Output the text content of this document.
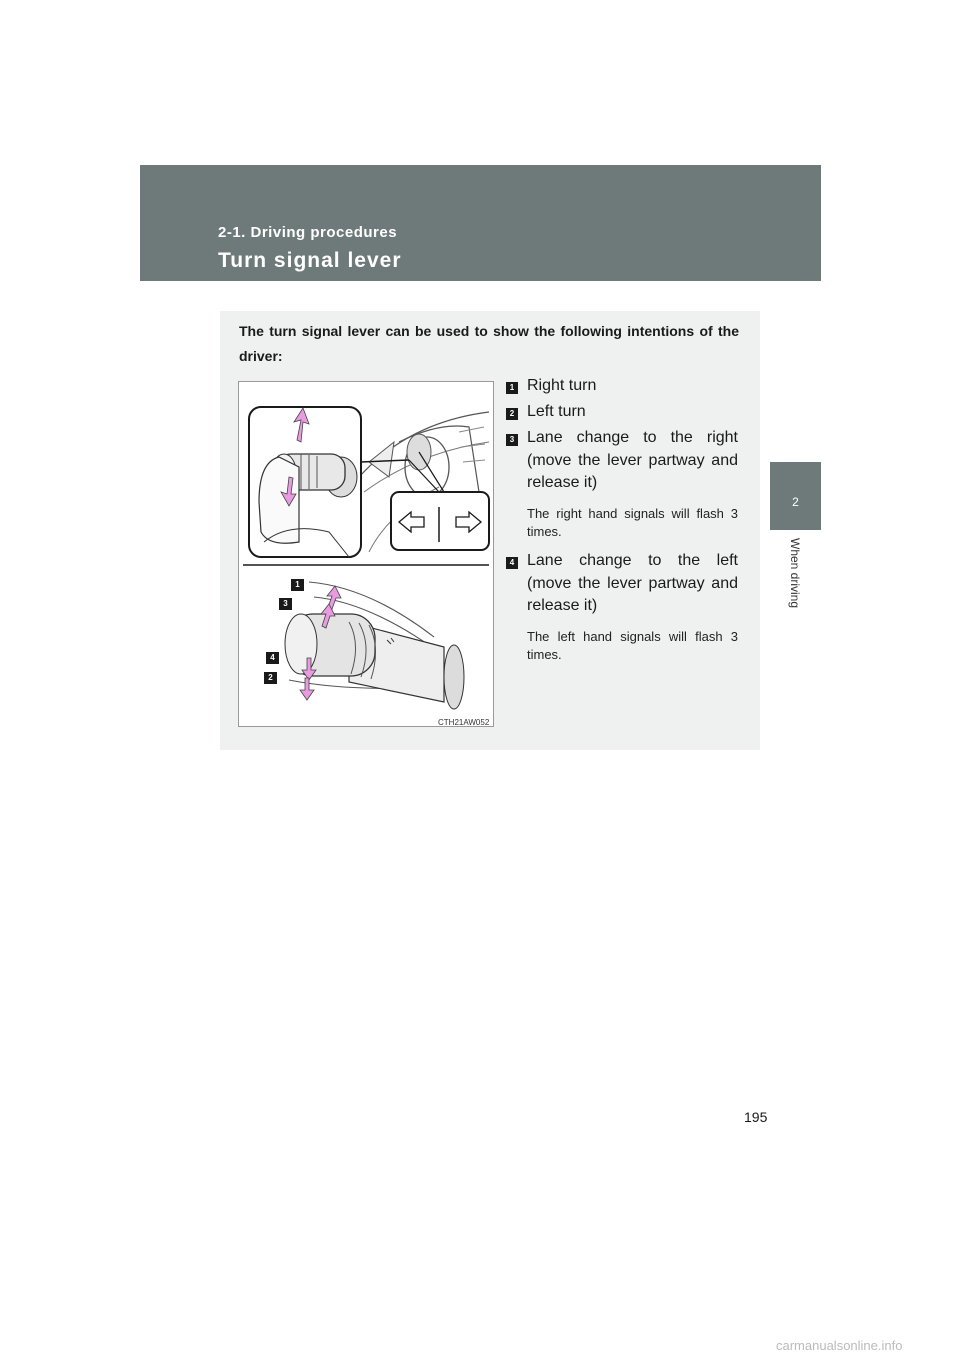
2-1. Driving procedures
Turn signal lever
2
When driving
The turn signal lever can be used to show the following intentions of the driver:
1
3
4
2
CTH21AW052
1 Right turn
2 Left turn
3 Lane change to the right (move the lever partway and release it)
The right hand signals will flash 3 times.
4 Lane change to the left (move the lever partway and release it)
The left hand signals will flash 3 times.
195
carmanualsonline.info
